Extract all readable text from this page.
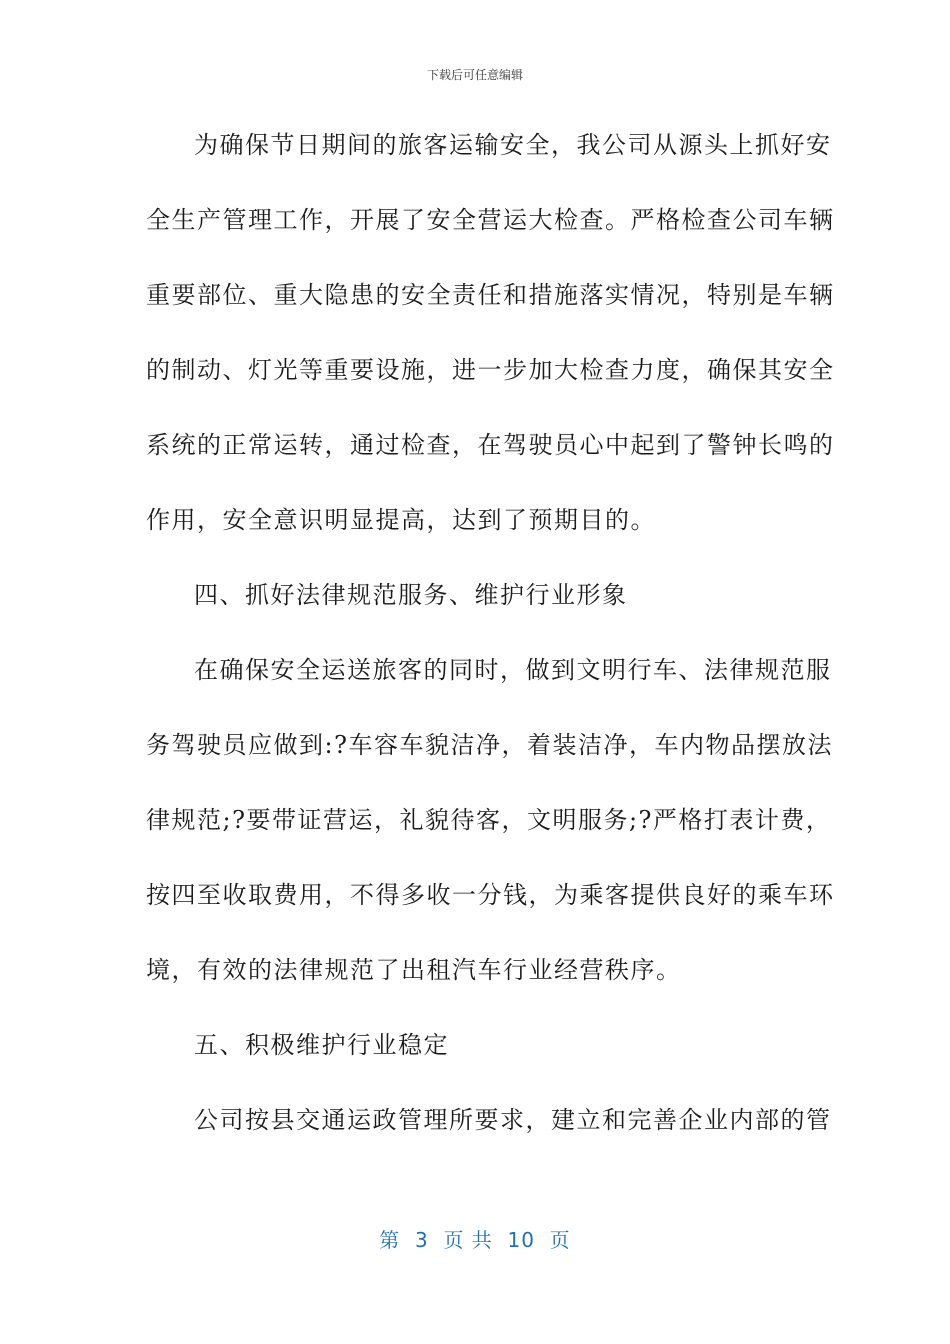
下载后可任意编辑
为确保节日期间的旅客运输安全，我公司从源头上抓好安
全生产管理工作，开展了安全营运大检查。严格检查公司车辆
重要部位、重大隐患的安全责任和措施落实情况，特别是车辆
的制动、灯光等重要设施，进一步加大检查力度，确保其安全
系统的正常运转，通过检查，在驾驶员心中起到了警钟长鸣的
作用，安全意识明显提高，达到了预期目的。
四、抓好法律规范服务、维护行业形象
在确保安全运送旅客的同时，做到文明行车、法律规范服
务驾驶员应做到:?车容车貌洁净，着装洁净，车内物品摆放法
律规范;?要带证营运，礼貌待客，文明服务;?严格打表计费，
按四至收取费用，不得多收一分钱，为乘客提供良好的乘车环
境，有效的法律规范了出租汽车行业经营秩序。
五、积极维护行业稳定
公司按县交通运政管理所要求，建立和完善企业内部的管
第  3  页 共  10  页
